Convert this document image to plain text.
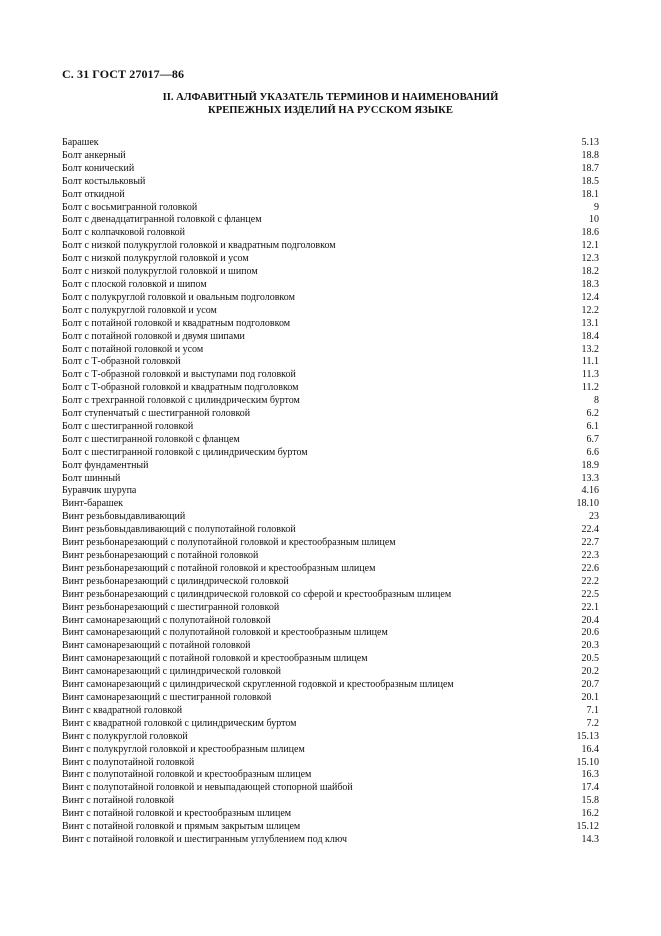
С. 31 ГОСТ 27017—86
II. АЛФАВИТНЫЙ УКАЗАТЕЛЬ ТЕРМИНОВ И НАИМЕНОВАНИЙ
КРЕПЕЖНЫХ ИЗДЕЛИЙ НА РУССКОМ ЯЗЫКЕ
Барашек	5.13
Болт анкерный	18.8
Болт конический	18.7
Болт костыльковый	18.5
Болт откидной	18.1
Болт с восьмигранной головкой	9
Болт с двенадцатигранной головкой с фланцем	10
Болт с колпачковой головкой	18.6
Болт с низкой полукруглой головкой и квадратным подголовком	12.1
Болт с низкой полукруглой головкой и усом	12.3
Болт с низкой полукруглой головкой и шипом	18.2
Болт с плоской головкой и шипом	18.3
Болт с полукруглой головкой и овальным подголовком	12.4
Болт с полукруглой головкой и усом	12.2
Болт с потайной головкой и квадратным подголовком	13.1
Болт с потайной головкой и двумя шипами	18.4
Болт с потайной головкой и усом	13.2
Болт с Т-образной головкой	11.1
Болт с Т-образной головкой и выступами под головкой	11.3
Болт с Т-образной головкой и квадратным подголовком	11.2
Болт с трехгранной головкой с цилиндрическим буртом	8
Болт ступенчатый с шестигранной головкой	6.2
Болт с шестигранной головкой	6.1
Болт с шестигранной головкой с фланцем	6.7
Болт с шестигранной головкой с цилиндрическим буртом	6.6
Болт фундаментный	18.9
Болт шинный	13.3
Буравчик шурупа	4.16
Винт-барашек	18.10
Винт резьбовыдавливающий	23
Винт резьбовыдавливающий с полупотайной головкой	22.4
Винт резьбонарезающий с полупотайной головкой и крестообразным шлицем	22.7
Винт резьбонарезающий с потайной головкой	22.3
Винт резьбонарезающий с потайной головкой и крестообразным шлицем	22.6
Винт резьбонарезающий с цилиндрической головкой	22.2
Винт резьбонарезающий с цилиндрической головкой со сферой и крестообразным шлицем	22.5
Винт резьбонарезающий с шестигранной головкой	22.1
Винт самонарезающий с полупотайной головкой	20.4
Винт самонарезающий с полупотайной головкой и крестообразным шлицем	20.6
Винт самонарезающий с потайной головкой	20.3
Винт самонарезающий с потайной головкой и крестообразным шлицем	20.5
Винт самонарезающий с цилиндрической головкой	20.2
Винт самонарезающий с цилиндрической скругленной годовкой и крестообразным шлицем	20.7
Винт самонарезающий с шестигранной головкой	20.1
Винт с квадратной головкой	7.1
Винт с квадратной головкой с цилиндрическим буртом	7.2
Винт с полукруглой головкой	15.13
Винт с полукруглой головкой и крестообразным шлицем	16.4
Винт с полупотайной головкой	15.10
Винт с полупотайной головкой и крестообразным шлицем	16.3
Винт с полупотайной головкой и невыпадающей стопорной шайбой	17.4
Винт с потайной головкой	15.8
Винт с потайной головкой и крестообразным шлицем	16.2
Винт с потайной головкой и прямым закрытым шлицем	15.12
Винт с потайной головкой и шестигранным углублением под ключ	14.3
